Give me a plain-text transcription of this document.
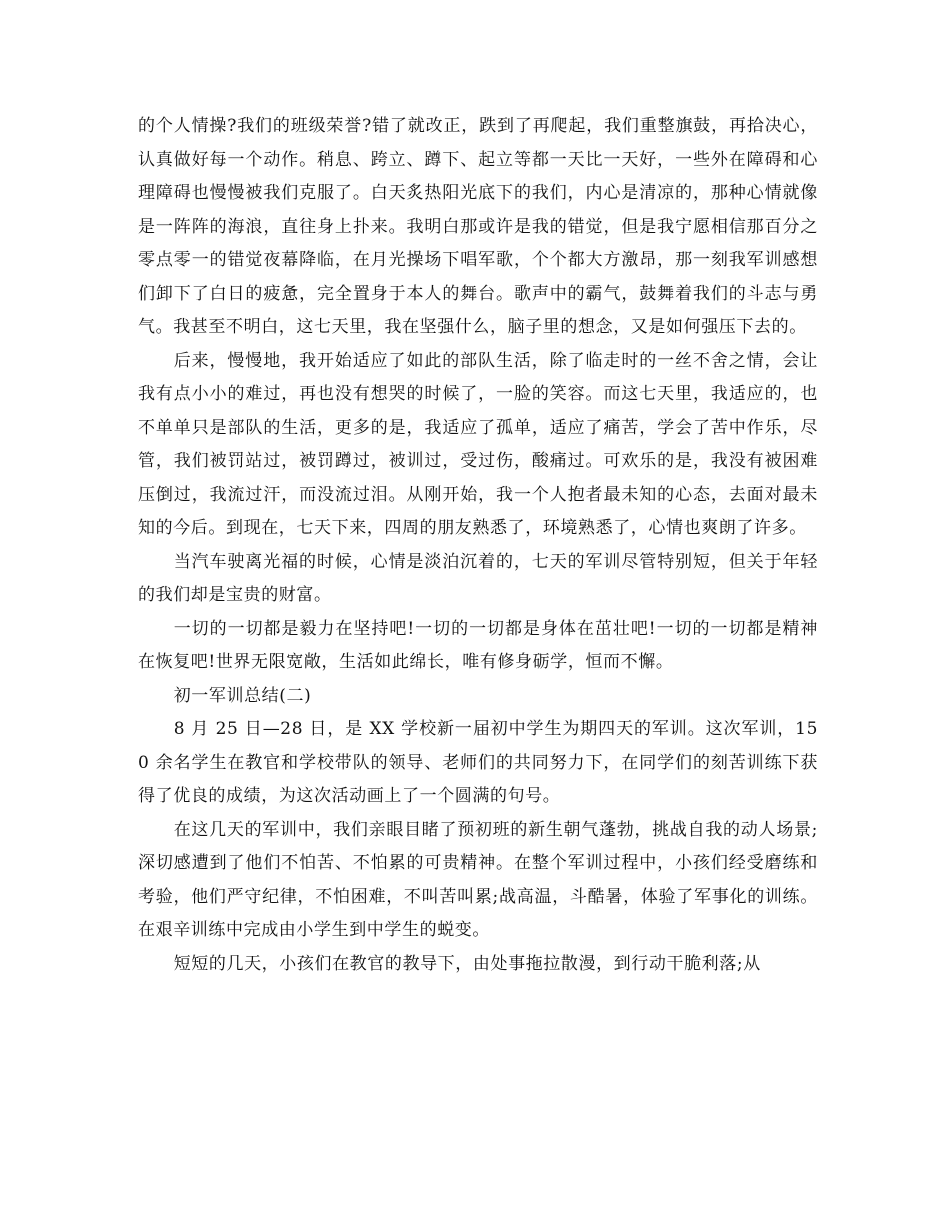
的个人情操?我们的班级荣誉?错了就改正，跌到了再爬起，我们重整旗鼓，再拾决心，认真做好每一个动作。稍息、跨立、蹲下、起立等都一天比一天好，一些外在障碍和心理障碍也慢慢被我们克服了。白天炙热阳光底下的我们，内心是清凉的，那种心情就像是一阵阵的海浪，直往身上扑来。我明白那或许是我的错觉，但是我宁愿相信那百分之零点零一的错觉夜幕降临，在月光操场下唱军歌，个个都大方激昂，那一刻我军训感想们卸下了白日的疲惫，完全置身于本人的舞台。歌声中的霸气，鼓舞着我们的斗志与勇气。我甚至不明白，这七天里，我在坚强什么，脑子里的想念，又是如何强压下去的。

后来，慢慢地，我开始适应了如此的部队生活，除了临走时的一丝不舍之情，会让我有点小小的难过，再也没有想哭的时候了，一脸的笑容。而这七天里，我适应的，也不单单只是部队的生活，更多的是，我适应了孤单，适应了痛苦，学会了苦中作乐，尽管，我们被罚站过，被罚蹲过，被训过，受过伤，酸痛过。可欢乐的是，我没有被困难压倒过，我流过汗，而没流过泪。从刚开始，我一个人抱者最未知的心态，去面对最未知的今后。到现在，七天下来，四周的朋友熟悉了，环境熟悉了，心情也爽朗了许多。

当汽车驶离光福的时候，心情是淡泊沉着的，七天的军训尽管特别短，但关于年轻的我们却是宝贵的财富。

一切的一切都是毅力在坚持吧!一切的一切都是身体在茁壮吧!一切的一切都是精神在恢复吧!世界无限宽敞，生活如此绵长，唯有修身砺学，恒而不懈。

初一军训总结(二)

8 月 25 日—28 日，是 XX 学校新一届初中学生为期四天的军训。这次军训，150 余名学生在教官和学校带队的领导、老师们的共同努力下，在同学们的刻苦训练下获得了优良的成绩，为这次活动画上了一个圆满的句号。

在这几天的军训中，我们亲眼目睹了预初班的新生朝气蓬勃，挑战自我的动人场景;深切感遭到了他们不怕苦、不怕累的可贵精神。在整个军训过程中，小孩们经受磨练和考验，他们严守纪律，不怕困难，不叫苦叫累;战高温，斗酷暑，体验了军事化的训练。在艰辛训练中完成由小学生到中学生的蜕变。

短短的几天，小孩们在教官的教导下，由处事拖拉散漫，到行动干脆利落;从
